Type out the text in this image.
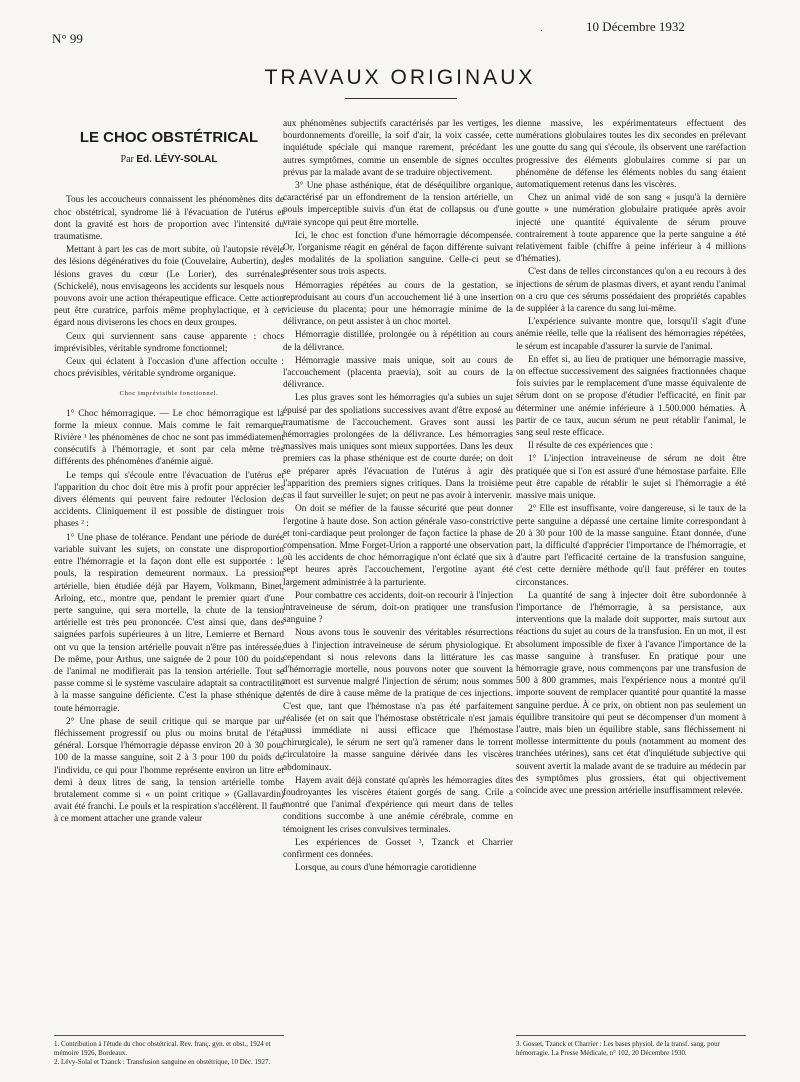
N° 99
.	10 Décembre 1932
TRAVAUX ORIGINAUX
LE CHOC OBSTÉTRICAL
Par Ed. LÉVY-SOLAL

Tous les accoucheurs connaissent les phénomènes dits de choc obstétrical, syndrome lié à l'évacuation de l'utérus et dont la gravité est hors de proportion avec l'intensité du traumatisme.

Mettant à part les cas de mort subite, où l'autopsie révèle des lésions dégénératives du foie (Couvelaire, Aubertin), des lésions graves du cœur (Le Lorier), des surrénales (Schickelé), nous envisageons les accidents sur lesquels nous pouvons avoir une action thérapeutique efficace. Cette action peut être curatrice, parfois même prophylactique, et à cet égard nous diviserons les chocs en deux groupes.

Ceux qui surviennent sans cause apparente : chocs imprévisibles, véritable syndrome fonctionnel;

Ceux qui éclatent à l'occasion d'une affection occulte : chocs prévisibles, véritable syndrome organique.

Choc imprévisible fonctionnel.

1° Choc hémorragique. — Le choc hémorragique est la forme la mieux connue. Mais comme le fait remarquer Rivière ¹ les phénomènes de choc ne sont pas immédiatement consécutifs à l'hémorragie, et sont par cela même très différents des phénomènes d'anémie aiguë.

Le temps qui s'écoule entre l'évacuation de l'utérus et l'apparition du choc doit être mis à profit pour apprécier les divers éléments qui peuvent faire redouter l'éclosion des accidents. Cliniquement il est possible de distinguer trois phases ² :

1° Une phase de tolérance. Pendant une période de durée variable suivant les sujets, on constate une disproportion entre l'hémorragie et la façon dont elle est supportée : le pouls, la respiration demeurent normaux. La pression artérielle, bien étudiée déjà par Hayem, Volkmann, Binet, Arloing, etc., montre que, pendant le premier quart d'une perte sanguine, qui sera mortelle, la chute de la tension artérielle est très peu prononcée. C'est ainsi que, dans des saignées parfois supérieures à un litre, Lemierre et Bernard ont vu que la tension artérielle pouvait n'être pas intéressée. De même, pour Arthus, une saignée de 2 pour 100 du poids de l'animal ne modifierait pas la tension artérielle. Tout se passe comme si le système vasculaire adaptait sa contractilité à la masse sanguine déficiente. C'est la phase sthénique de toute hémorragie.

2° Une phase de seuil critique qui se marque par un fléchissement progressif ou plus ou moins brutal de l'état général. Lorsque l'hémorragie dépasse environ 20 à 30 pour 100 de la masse sanguine, soit 2 à 3 pour 100 du poids de l'individu, ce qui pour l'homme représente environ un litre et demi à deux litres de sang, la tension artérielle tombe brutalement comme si « un point critique » (Gallavardin) avait été franchi. Le pouls et la respiration s'accélèrent. Il faut à ce moment attacher une grande valeur

aux phénomènes subjectifs caractérisés par les vertiges, les bourdonnements d'oreille, la soif d'air, la voix cassée, cette inquiétude spéciale qui manque rarement, précédant les autres symptômes, comme un ensemble de signes occultes prévus par la malade avant de se traduire objectivement.

3° Une phase asthénique, état de déséquilibre organique, caractérisé par un effondrement de la tension artérielle, un pouls imperceptible suivis d'un état de collapsus ou d'une vraie syncope qui peut être mortelle.

Ici, le choc est fonction d'une hémorragie décompensée. Or, l'organisme réagit en général de façon différente suivant les modalités de la spoliation sanguine. Celle-ci peut se présenter sous trois aspects.

Hémorragies répétées au cours de la gestation, se reproduisant au cours d'un accouchement lié à une insertion vicieuse du placenta; pour une hémorragie minime de la délivrance, on peut assister à un choc mortel.

Hémorragie distillée, prolongée ou à répétition au cours de la délivrance.

Hémorragie massive mais unique, soit au cours de l'accouchement (placenta praevia), soit au cours de la délivrance.

Les plus graves sont les hémorragies qu'a subies un sujet épuisé par des spoliations successives avant d'être exposé au traumatisme de l'accouchement. Graves sont aussi les hémorragies prolongées de la délivrance. Les hémorragies massives mais uniques sont mieux supportées. Dans les deux premiers cas la phase sthénique est de courte durée; on doit se préparer après l'évacuation de l'utérus à agir dès l'apparition des premiers signes critiques. Dans la troisième cas il faut surveiller le sujet; on peut ne pas avoir à intervenir.

On doit se méfier de la fausse sécurité que peut donner l'ergotine à haute dose. Son action générale vaso-constrictive et toni-cardiaque peut prolonger de façon factice la phase de compensation. Mme Forget-Urion a rapporté une observation où les accidents de choc hémorragique n'ont éclaté que six à sept heures après l'accouchement, l'ergotine ayant été largement administrée à la parturiente.

Pour combattre ces accidents, doit-on recourir à l'injection intraveineuse de sérum, doit-on pratiquer une transfusion sanguine ?

Nous avons tous le souvenir des véritables résurrections dues à l'injection intraveineuse de sérum physiologique. Et cependant si nous relevons dans la littérature les cas d'hémorragie mortelle, nous pouvons noter que souvent la mort est survenue malgré l'injection de sérum; nous sommes tentés de dire à cause même de la pratique de ces injections. C'est que, tant que l'hémostase n'a pas été parfaitement réalisée (et on sait que l'hémostase obstétricale n'est jamais aussi immédiate ni aussi efficace que l'hémostase chirurgicale), le sérum ne sert qu'à ramener dans le torrent circulatoire la masse sanguine dérivée dans les viscères abdominaux.

Hayem avait déjà constaté qu'après les hémorragies dites foudroyantes les viscères étaient gorgés de sang. Crile a montré que l'animal d'expérience qui meurt dans de telles conditions succombe à une anémie cérébrale, comme en témoignent les crises convulsives terminales.

Les expériences de Gosset ³, Tzanck et Charrier confirment ces données.

Lorsque, au cours d'une hémorragie carotidienne

dienne massive, les expérimentateurs effectuent des numérations globulaires toutes les dix secondes en prélevant une goutte du sang qui s'écoule, ils observent une raréfaction progressive des éléments globulaires comme si par un phénomène de défense les éléments nobles du sang étaient automatiquement retenus dans les viscères.

Chez un animal vidé de son sang « jusqu'à la dernière goutte » une numération globulaire pratiquée après avoir injecté une quantité équivalente de sérum prouve contrairement à toute apparence que la perte sanguine a été relativement faible (chiffre à peine inférieur à 4 millions d'hématies).

C'est dans de telles circonstances qu'on a eu recours à des injections de sérum de plasmas divers, et ayant rendu l'animal on a cru que ces sérums possédaient des propriétés capables de suppléer à la carence du sang lui-même.

L'expérience suivante montre que, lorsqu'il s'agit d'une anémie réelle, telle que la réalisent des hémorragies répétées, le sérum est incapable d'assurer la survie de l'animal.

En effet si, au lieu de pratiquer une hémorragie massive, on effectue successivement des saignées fractionnées chaque fois suivies par le remplacement d'une masse équivalente de sérum dont on se propose d'étudier l'efficacité, en finit par déterminer une anémie inférieure à 1.500.000 hématies. À partir de ce taux, aucun sérum ne peut rétablir l'animal, le sang seul reste efficace.

Il résulte de ces expériences que :

1° L'injection intraveineuse de sérum ne doit être pratiquée que si l'on est assuré d'une hémostase parfaite. Elle peut être capable de rétablir le sujet si l'hémorragie a été massive mais unique.

2° Elle est insuffisante, voire dangereuse, si le taux de la perte sanguine a dépassé une certaine limite correspondant à 20 à 30 pour 100 de la masse sanguine. Étant donnée, d'une part, la difficulté d'apprécier l'importance de l'hémorragie, et d'autre part l'efficacité certaine de la transfusion sanguine, c'est cette dernière méthode qu'il faut préférer en toutes circonstances.

La quantité de sang à injecter doit être subordonnée à l'importance de l'hémorragie, à sa persistance, aux interventions que la malade doit supporter, mais surtout aux réactions du sujet au cours de la transfusion. En un mot, il est absolument impossible de fixer à l'avance l'importance de la masse sanguine à transfuser. En pratique pour une hémorragie grave, nous commençons par une transfusion de 500 à 800 grammes, mais l'expérience nous a montré qu'il importe souvent de remplacer quantité pour quantité la masse sanguine perdue. À ce prix, on obtient non pas seulement un équilibre transitoire qui peut se décompenser d'un moment à l'autre, mais bien un équilibre stable, sans fléchissement ni mollesse intermittente du pouls (notamment au moment des tranchées utérines), sans cet état d'inquiétude subjective qui souvent avertit la malade avant de se traduire au médecin par des symptômes plus grossiers, état qui objectivement coïncide avec une pression artérielle insuffisamment relevée.

1. Contribution à l'étude du choc obstétrical. Rev. franç. gyn. et obst., 1924 et mémoire 1926, Bordeaux.

2. Lévy-Solal et Tzanck : Transfusion sanguine en obstétrique, 10 Déc. 1927.

3. Gosset, Tzanck et Charrier : Les bases physiol. de la transf. sang. pour hémorragie. La Presse Médicale, n° 102, 20 Décembre 1930.
